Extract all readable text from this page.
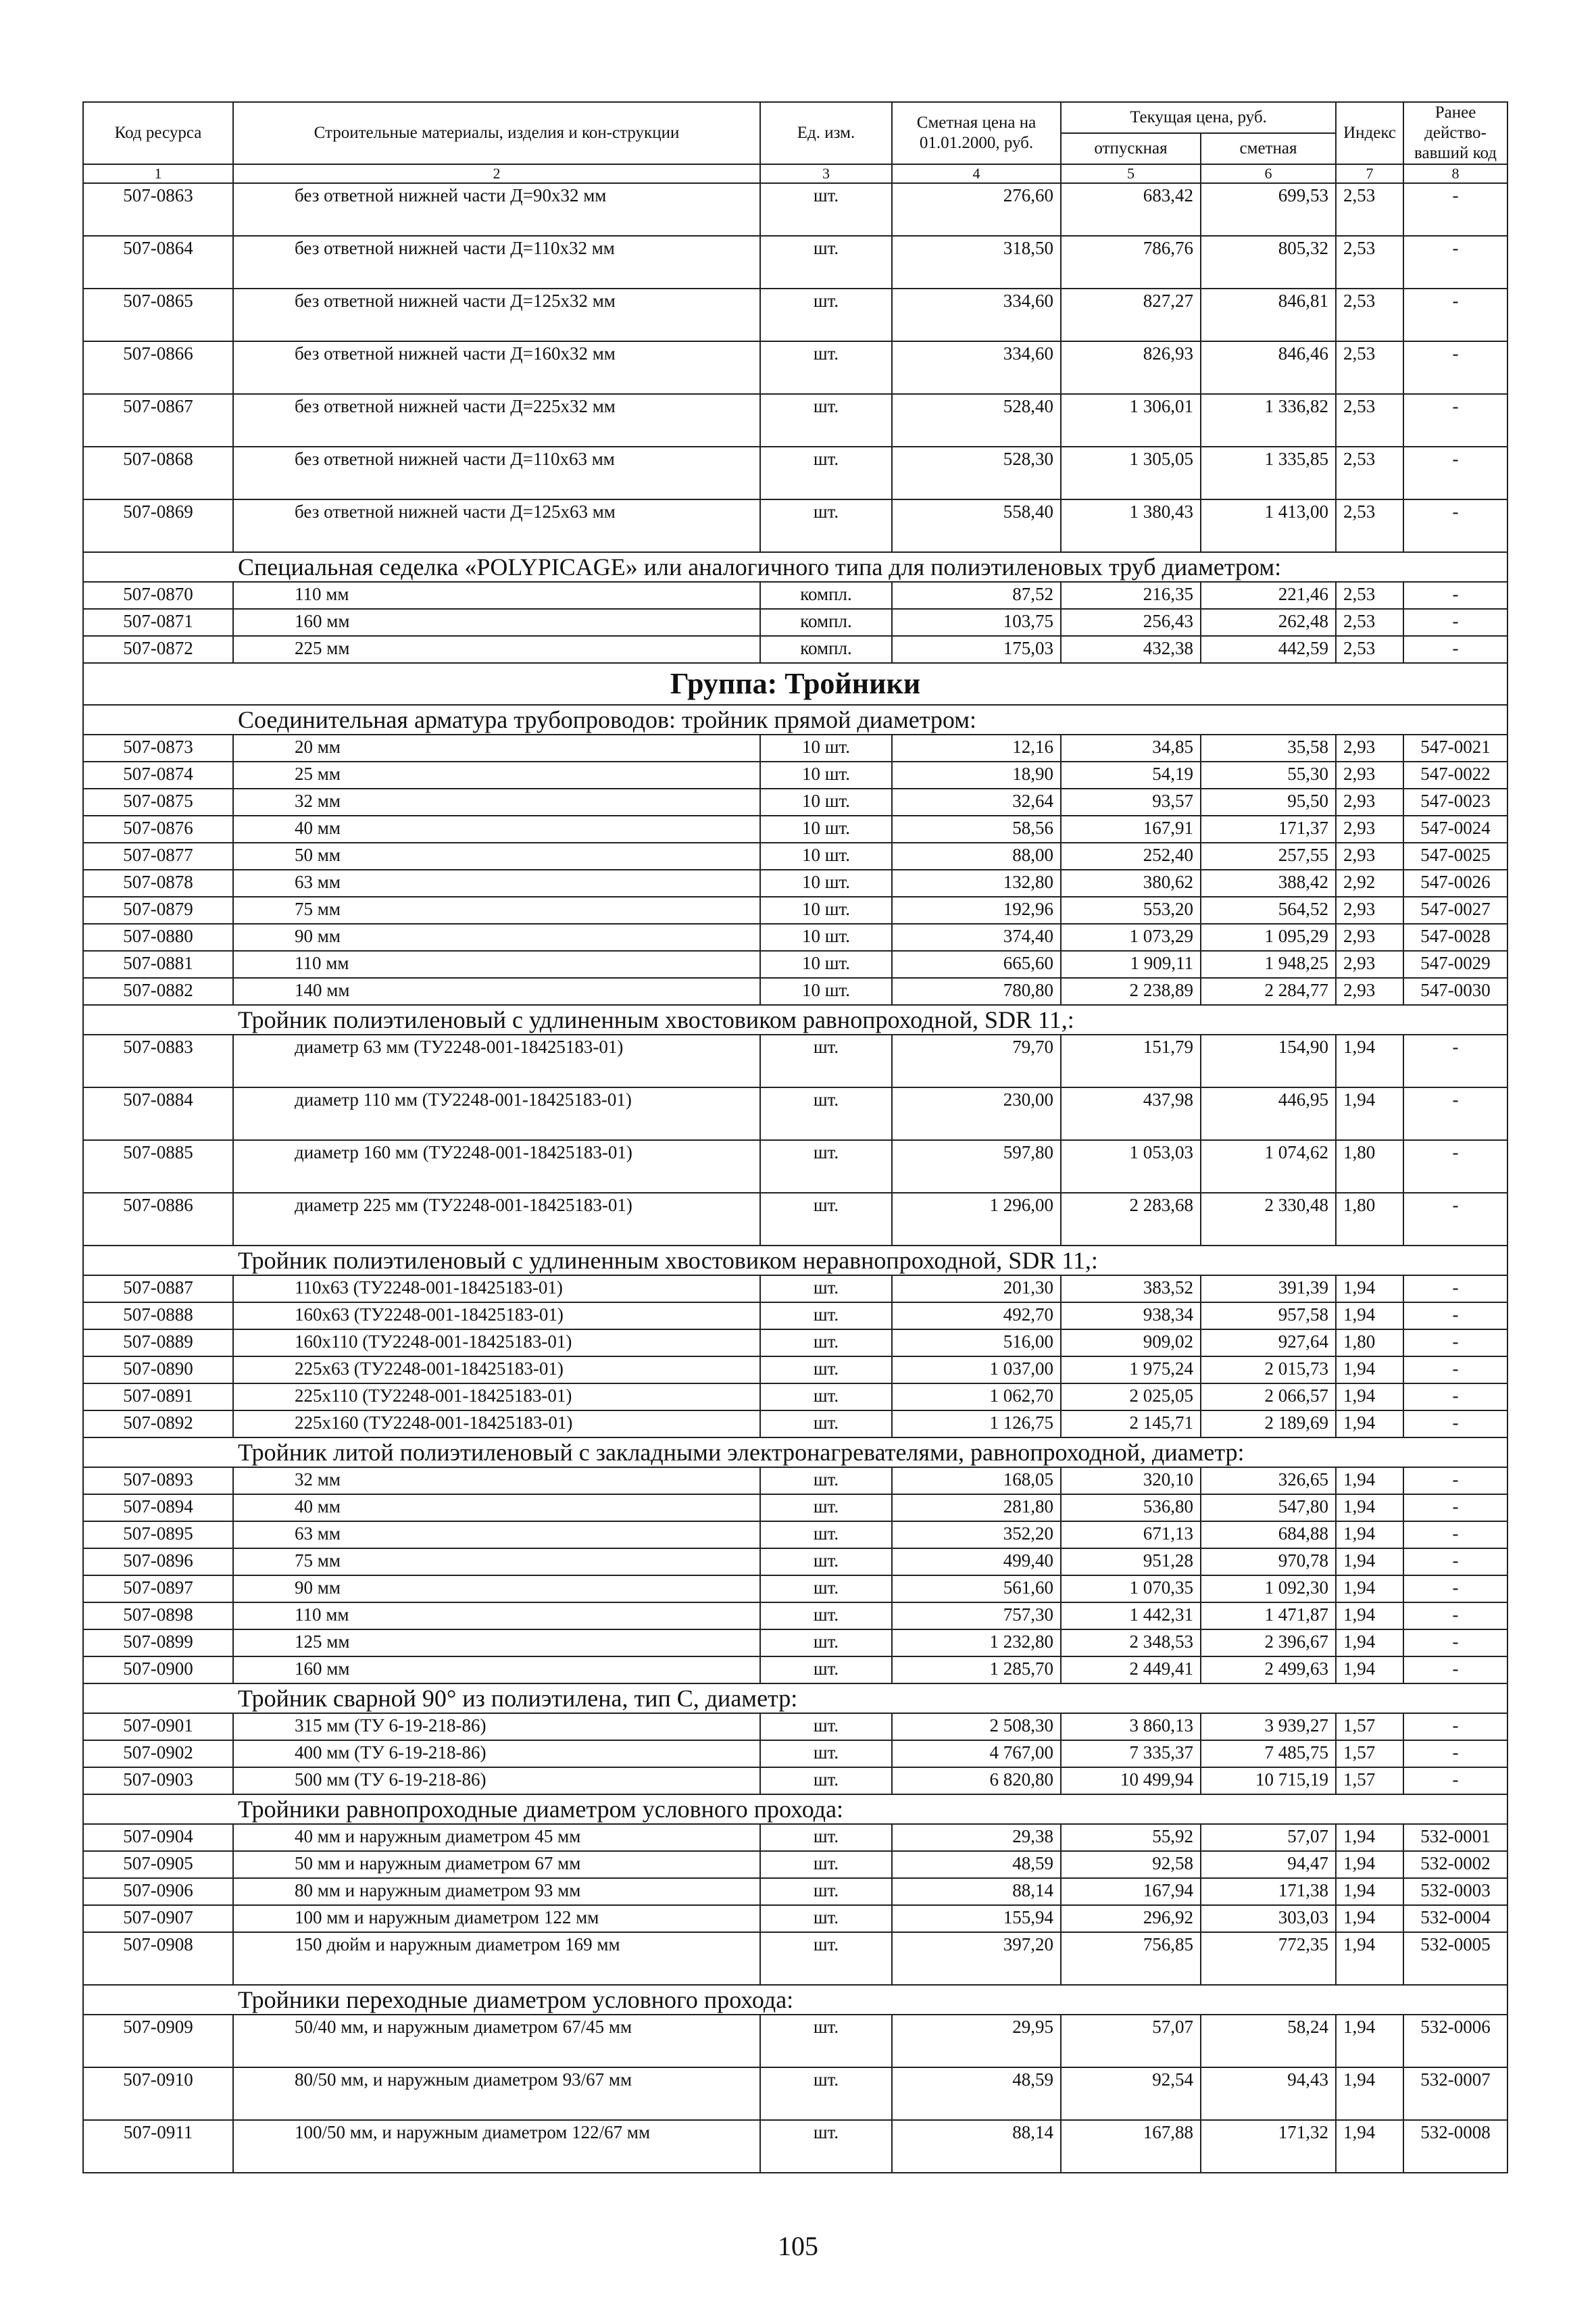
Код ресурса	Строительные материалы, изделия и кон-струкции	Ед. изм.	Сметная цена на 01.01.2000, руб.	Текущая цена, руб.		Индекс	Ранее действо-вавший код
				отпускная	сметная		
1	2	3	4	5	6	7	8
507-0863	без ответной нижней части Д=90х32 мм	шт.	276,60	683,42	699,53	2,53	-
507-0864	без ответной нижней части Д=110х32 мм	шт.	318,50	786,76	805,32	2,53	-
507-0865	без ответной нижней части Д=125х32 мм	шт.	334,60	827,27	846,81	2,53	-
507-0866	без ответной нижней части Д=160х32 мм	шт.	334,60	826,93	846,46	2,53	-
507-0867	без ответной нижней части Д=225х32 мм	шт.	528,40	1 306,01	1 336,82	2,53	-
507-0868	без ответной нижней части Д=110х63 мм	шт.	528,30	1 305,05	1 335,85	2,53	-
507-0869	без ответной нижней части Д=125х63 мм	шт.	558,40	1 380,43	1 413,00	2,53	-
Специальная седелка «POLYPICAGE» или аналогичного типа для полиэтиленовых труб диаметром:							
507-0870	110 мм	компл.	87,52	216,35	221,46	2,53	-
507-0871	160 мм	компл.	103,75	256,43	262,48	2,53	-
507-0872	225 мм	компл.	175,03	432,38	442,59	2,53	-
Группа: Тройники							
Соединительная арматура трубопроводов: тройник прямой диаметром:							
507-0873	20 мм	10 шт.	12,16	34,85	35,58	2,93	547-0021
507-0874	25 мм	10 шт.	18,90	54,19	55,30	2,93	547-0022
507-0875	32 мм	10 шт.	32,64	93,57	95,50	2,93	547-0023
507-0876	40 мм	10 шт.	58,56	167,91	171,37	2,93	547-0024
507-0877	50 мм	10 шт.	88,00	252,40	257,55	2,93	547-0025
507-0878	63 мм	10 шт.	132,80	380,62	388,42	2,92	547-0026
507-0879	75 мм	10 шт.	192,96	553,20	564,52	2,93	547-0027
507-0880	90 мм	10 шт.	374,40	1 073,29	1 095,29	2,93	547-0028
507-0881	110 мм	10 шт.	665,60	1 909,11	1 948,25	2,93	547-0029
507-0882	140 мм	10 шт.	780,80	2 238,89	2 284,77	2,93	547-0030
Тройник полиэтиленовый с удлиненным хвостовиком равнопроходной, SDR 11,:							
507-0883	диаметр 63 мм (ТУ2248-001-18425183-01)	шт.	79,70	151,79	154,90	1,94	-
507-0884	диаметр 110 мм (ТУ2248-001-18425183-01)	шт.	230,00	437,98	446,95	1,94	-
507-0885	диаметр 160 мм (ТУ2248-001-18425183-01)	шт.	597,80	1 053,03	1 074,62	1,80	-
507-0886	диаметр 225 мм (ТУ2248-001-18425183-01)	шт.	1 296,00	2 283,68	2 330,48	1,80	-
Тройник полиэтиленовый с удлиненным хвостовиком неравнопроходной, SDR 11,:							
507-0887	110х63 (ТУ2248-001-18425183-01)	шт.	201,30	383,52	391,39	1,94	-
507-0888	160х63 (ТУ2248-001-18425183-01)	шт.	492,70	938,34	957,58	1,94	-
507-0889	160х110 (ТУ2248-001-18425183-01)	шт.	516,00	909,02	927,64	1,80	-
507-0890	225х63 (ТУ2248-001-18425183-01)	шт.	1 037,00	1 975,24	2 015,73	1,94	-
507-0891	225х110 (ТУ2248-001-18425183-01)	шт.	1 062,70	2 025,05	2 066,57	1,94	-
507-0892	225х160 (ТУ2248-001-18425183-01)	шт.	1 126,75	2 145,71	2 189,69	1,94	-
Тройник литой полиэтиленовый с закладными электронагревателями, равнопроходной, диаметр:							
507-0893	32 мм	шт.	168,05	320,10	326,65	1,94	-
507-0894	40 мм	шт.	281,80	536,80	547,80	1,94	-
507-0895	63 мм	шт.	352,20	671,13	684,88	1,94	-
507-0896	75 мм	шт.	499,40	951,28	970,78	1,94	-
507-0897	90 мм	шт.	561,60	1 070,35	1 092,30	1,94	-
507-0898	110 мм	шт.	757,30	1 442,31	1 471,87	1,94	-
507-0899	125 мм	шт.	1 232,80	2 348,53	2 396,67	1,94	-
507-0900	160 мм	шт.	1 285,70	2 449,41	2 499,63	1,94	-
Тройник сварной 90° из полиэтилена, тип С, диаметр:							
507-0901	315 мм (ТУ 6-19-218-86)	шт.	2 508,30	3 860,13	3 939,27	1,57	-
507-0902	400 мм (ТУ 6-19-218-86)	шт.	4 767,00	7 335,37	7 485,75	1,57	-
507-0903	500 мм (ТУ 6-19-218-86)	шт.	6 820,80	10 499,94	10 715,19	1,57	-
Тройники равнопроходные диаметром условного прохода:							
507-0904	40 мм и наружным диаметром 45 мм	шт.	29,38	55,92	57,07	1,94	532-0001
507-0905	50 мм и наружным диаметром 67 мм	шт.	48,59	92,58	94,47	1,94	532-0002
507-0906	80 мм и наружным диаметром 93 мм	шт.	88,14	167,94	171,38	1,94	532-0003
507-0907	100 мм и наружным диаметром 122 мм	шт.	155,94	296,92	303,03	1,94	532-0004
507-0908	150 дюйм и наружным диаметром 169 мм	шт.	397,20	756,85	772,35	1,94	532-0005
Тройники переходные диаметром условного прохода:							
507-0909	50/40 мм, и наружным диаметром 67/45 мм	шт.	29,95	57,07	58,24	1,94	532-0006
507-0910	80/50 мм, и наружным диаметром 93/67 мм	шт.	48,59	92,54	94,43	1,94	532-0007
507-0911	100/50 мм, и наружным диаметром 122/67 мм	шт.	88,14	167,88	171,32	1,94	532-0008
105
